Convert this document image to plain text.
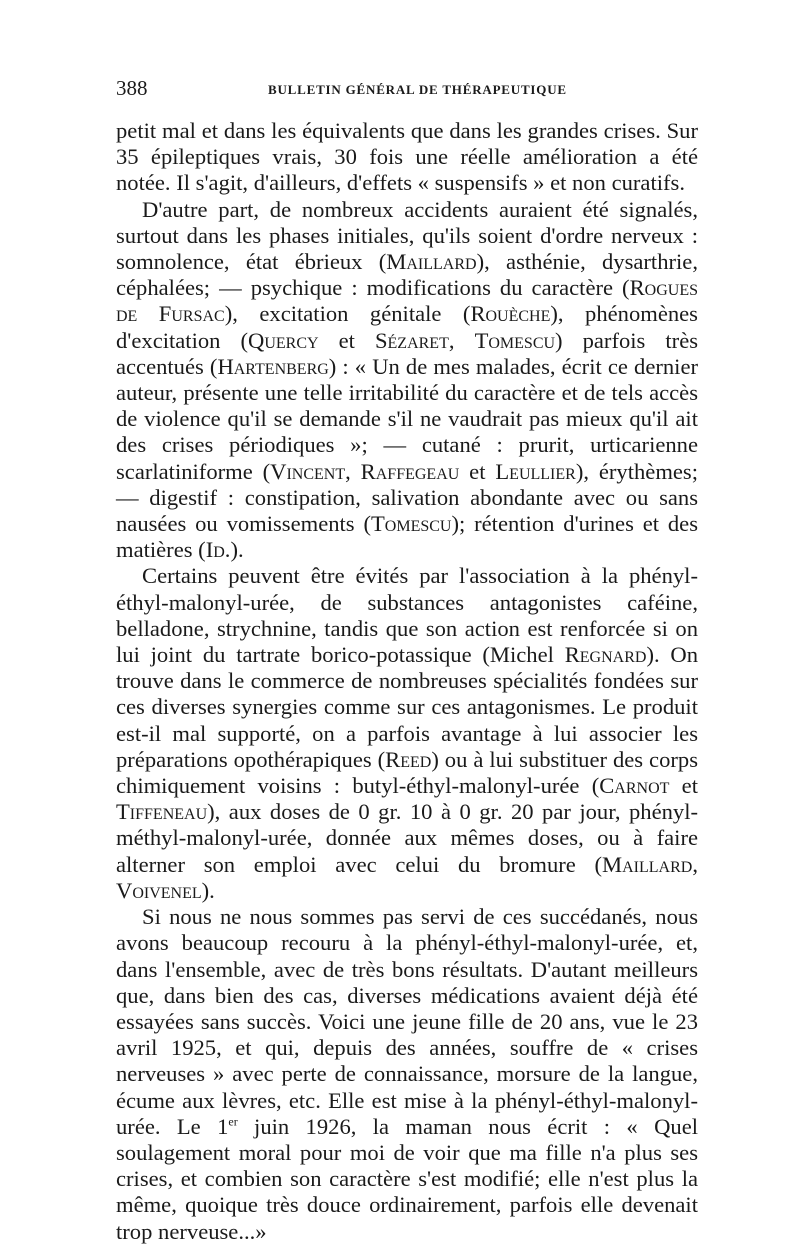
388	BULLETIN GÉNÉRAL DE THÉRAPEUTIQUE

petit mal et dans les équivalents que dans les grandes crises. Sur 35 épileptiques vrais, 30 fois une réelle amélioration a été notée. Il s'agit, d'ailleurs, d'effets « suspensifs » et non curatifs.

D'autre part, de nombreux accidents auraient été signalés, surtout dans les phases initiales, qu'ils soient d'ordre nerveux : somnolence, état ébrieux (Maillard), asthénie, dysarthrie, céphalées; — psychique : modifications du caractère (Rogues de Fursac), excitation génitale (Rouèche), phénomènes d'excitation (Quercy et Sézaret, Tomescu) parfois très accentués (Hartenberg) : « Un de mes malades, écrit ce dernier auteur, présente une telle irritabilité du caractère et de tels accès de violence qu'il se demande s'il ne vaudrait pas mieux qu'il ait des crises périodiques »; — cutané : prurit, urticarienne scarlatiniforme (Vincent, Raffegeau et Leullier), érythèmes; — digestif : constipation, salivation abondante avec ou sans nausées ou vomissements (Tomescu); rétention d'urines et des matières (Id.).

Certains peuvent être évités par l'association à la phényl-éthyl-malonyl-urée, de substances antagonistes caféine, belladone, strychnine, tandis que son action est renforcée si on lui joint du tartrate borico-potassique (Michel Regnard). On trouve dans le commerce de nombreuses spécialités fondées sur ces diverses synergies comme sur ces antagonismes. Le produit est-il mal supporté, on a parfois avantage à lui associer les préparations opothérapiques (Reed) ou à lui substituer des corps chimiquement voisins : butyl-éthyl-malonyl-urée (Carnot et Tiffeneau), aux doses de 0 gr. 10 à 0 gr. 20 par jour, phényl-méthyl-malonyl-urée, donnée aux mêmes doses, ou à faire alterner son emploi avec celui du bromure (Maillard, Voivenel).

Si nous ne nous sommes pas servi de ces succédanés, nous avons beaucoup recouru à la phényl-éthyl-malonyl-urée, et, dans l'ensemble, avec de très bons résultats. D'autant meilleurs que, dans bien des cas, diverses médications avaient déjà été essayées sans succès. Voici une jeune fille de 20 ans, vue le 23 avril 1925, et qui, depuis des années, souffre de « crises nerveuses » avec perte de connaissance, morsure de la langue, écume aux lèvres, etc. Elle est mise à la phényl-éthyl-malonyl-urée. Le 1er juin 1926, la maman nous écrit : « Quel soulagement moral pour moi de voir que ma fille n'a plus ses crises, et combien son caractère s'est modifié; elle n'est plus la même, quoique très douce ordinairement, parfois elle devenait trop nerveuse...»
